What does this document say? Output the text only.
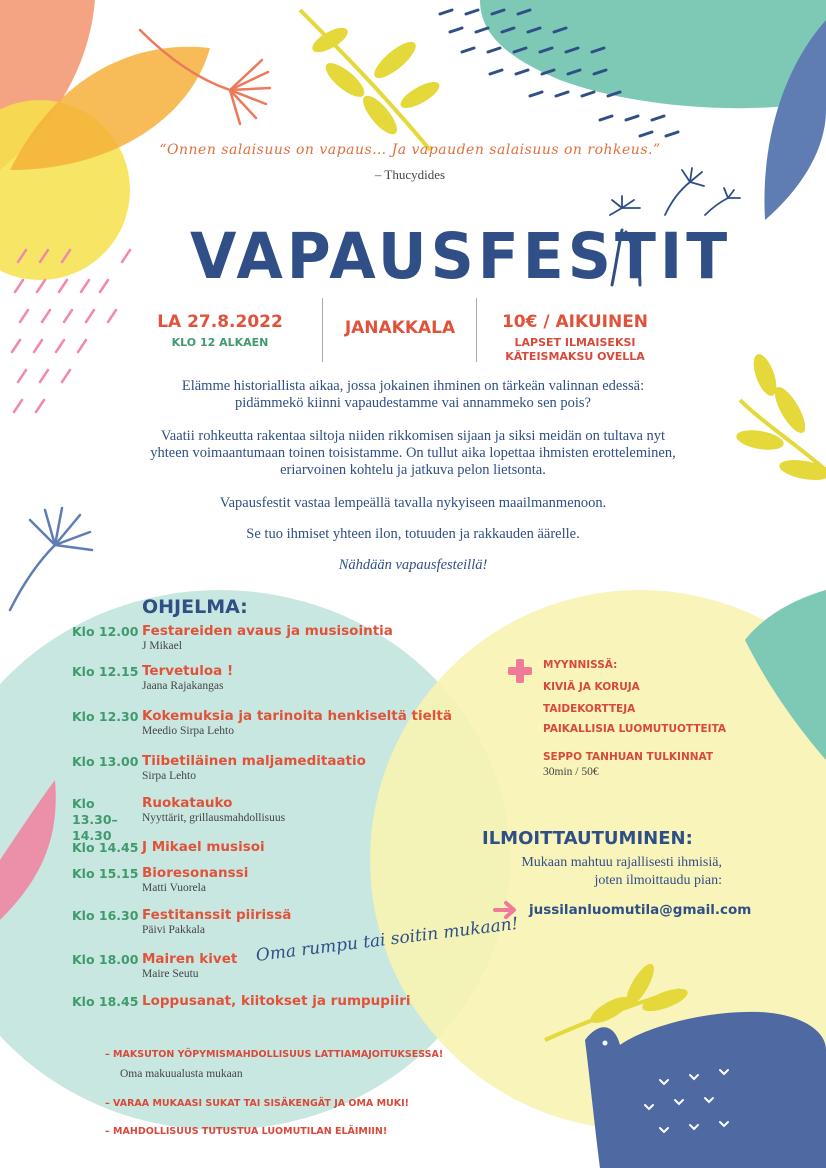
“Onnen salaisuus on vapaus… Ja vapauden salaisuus on rohkeus.”
– Thucydides
VAPAUSFESTIT
LA 27.8.2022
KLO 12 ALKAEN
JANAKKALA	10€ / AIKUINEN
LAPSET ILMAISEKSI
KÄTEISMAKSU OVELLA
Elämme historiallista aikaa, jossa jokainen ihminen on tärkeän valinnan edessä:
pidämmekö kiinni vapaudestamme vai annammeko sen pois?
Vaatii rohkeutta rakentaa siltoja niiden rikkomisen sijaan ja siksi meidän on tultava nyt
yhteen voimaantumaan toinen toisistamme. On tullut aika lopettaa ihmisten erotteleminen,
eriarvoinen kohtelu ja jatkuva pelon lietsonta.
Vapausfestit vastaa lempeällä tavalla nykyiseen maailmanmenoon.
Se tuo ihmiset yhteen ilon, totuuden ja rakkauden äärelle.
Nähdään vapausfesteillä!
OHJELMA:
Klo 12.00 Festareiden avaus ja musisointia
J Mikael
Klo 12.15 Tervetuloa !
Jaana Rajakangas
Klo 12.30 Kokemuksia ja tarinoita henkiseltä tieltä
Meedio Sirpa Lehto
Klo 13.00 Tiibetiläinen maljameditaatio
Sirpa Lehto
Klo 13.30– 14.30
Ruokatauko
Nyyttärit, grillausmahdollisuus
Klo 14.45 J Mikael musisoi
Klo 15.15 Bioresonanssi
Matti Vuorela
Klo 16.30 Festitanssit piirissä
Päivi Pakkala
Klo 18.00 Mairen kivet
Maire Seutu
Klo 18.45 Loppusanat, kiitokset ja rumpupiiri
MYYNNISSÄ:
KIVIÄ JA KORUJA
TAIDEKORTTEJA
PAIKALLISIA LUOMUTUOTTEITA
SEPPO TANHUAN TULKINNAT
30min / 50€
ILMOITTAUTUMINEN:
Mukaan mahtuu rajallisesti ihmisiä,
joten ilmoittaudu pian:
jussilanluomutila@gmail.com
Oma rumpu tai soitin mukaan!
– MAKSUTON YÖPYMISMAHDOLLISUUS LATTIAMAJOITUKSESSA!
Oma makuualusta mukaan
– VARAA MUKAASI SUKAT TAI SISÄKENGÄT JA OMA MUKI!
– MAHDOLLISUUS TUTUSTUA LUOMUTILAN ELÄIMIIN!
